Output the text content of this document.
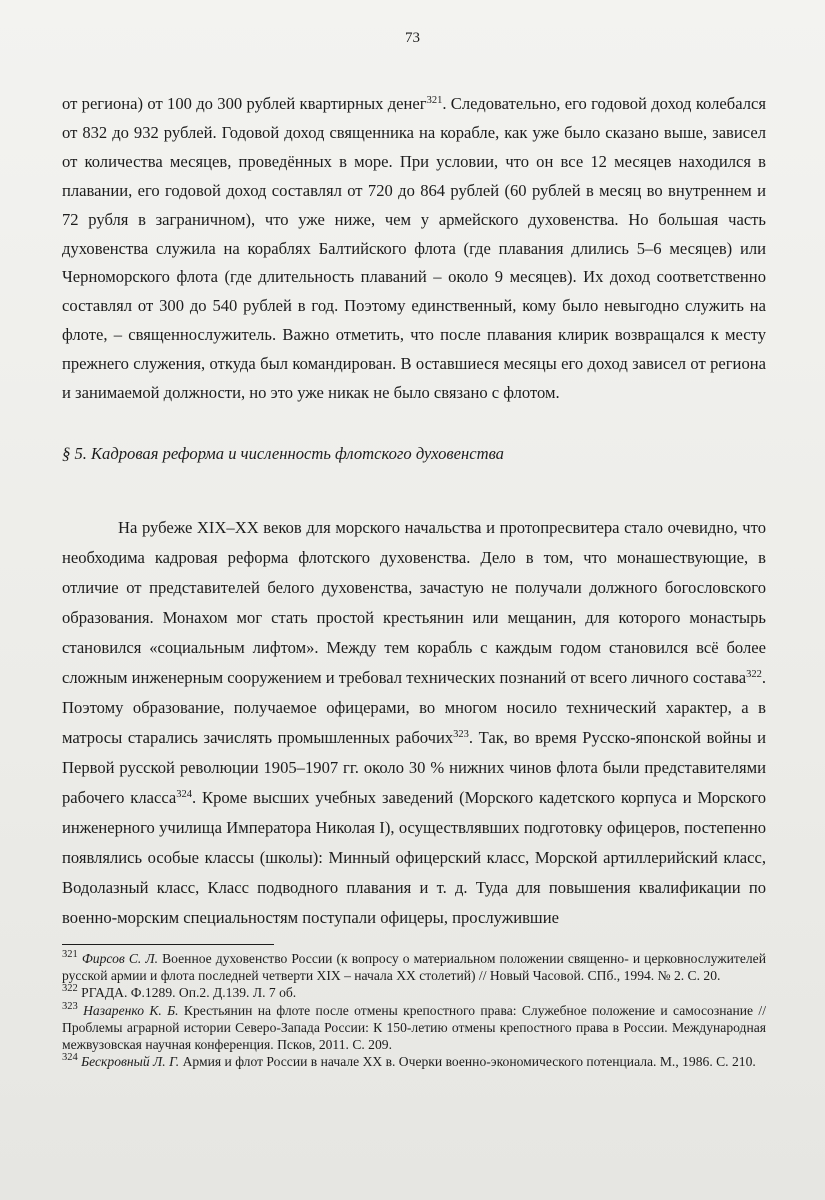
73

от региона) от 100 до 300 рублей квартирных денег$^{321}$. Следовательно, его годовой доход колебался от 832 до 932 рублей. Годовой доход священника на корабле, как уже было сказано выше, зависел от количества месяцев, проведённых в море. При условии, что он все 12 месяцев находился в плавании, его годовой доход составлял от 720 до 864 рублей (60 рублей в месяц во внутреннем и 72 рубля в заграничном), что уже ниже, чем у армейского духовенства. Но большая часть духовенства служила на кораблях Балтийского флота (где плавания длились 5–6 месяцев) или Черноморского флота (где длительность плаваний – около 9 месяцев). Их доход соответственно составлял от 300 до 540 рублей в год. Поэтому единственный, кому было невыгодно служить на флоте, – священнослужитель. Важно отметить, что после плавания клирик возвращался к месту прежнего служения, откуда был командирован. В оставшиеся месяцы его доход зависел от региона и занимаемой должности, но это уже никак не было связано с флотом.

§ 5. Кадровая реформа и численность флотского духовенства

На рубеже XIX–XX веков для морского начальства и протопресвитера стало очевидно, что необходима кадровая реформа флотского духовенства. Дело в том, что монашествующие, в отличие от представителей белого духовенства, зачастую не получали должного богословского образования. Монахом мог стать простой крестьянин или мещанин, для которого монастырь становился «социальным лифтом». Между тем корабль с каждым годом становился всё более сложным инженерным сооружением и требовал технических познаний от всего личного состава$^{322}$. Поэтому образование, получаемое офицерами, во многом носило технический характер, а в матросы старались зачислять промышленных рабочих$^{323}$. Так, во время Русско-японской войны и Первой русской революции 1905–1907 гг. около 30 % нижних чинов флота были представителями рабочего класса$^{324}$. Кроме высших учебных заведений (Морского кадетского корпуса и Морского инженерного училища Императора Николая I), осуществлявших подготовку офицеров, постепенно появлялись особые классы (школы): Минный офицерский класс, Морской артиллерийский класс, Водолазный класс, Класс подводного плавания и т. д. Туда для повышения квалификации по военно-морским специальностям поступали офицеры, прослужившие

$^{321}$ Фирсов С. Л. Военное духовенство России (к вопросу о материальном положении священно- и церковнослужителей русской армии и флота последней четверти XIX – начала XX столетий) // Новый Часовой. СПб., 1994. № 2. С. 20.

$^{322}$ РГАДА. Ф.1289. Оп.2. Д.139. Л. 7 об.

$^{323}$ Назаренко К. Б. Крестьянин на флоте после отмены крепостного права: Служебное положение и самосознание // Проблемы аграрной истории Северо-Запада России: К 150-летию отмены крепостного права в России. Международная межвузовская научная конференция. Псков, 2011. С. 209.

$^{324}$ Бескровный Л. Г. Армия и флот России в начале XX в. Очерки военно-экономического потенциала. М., 1986. С. 210.
